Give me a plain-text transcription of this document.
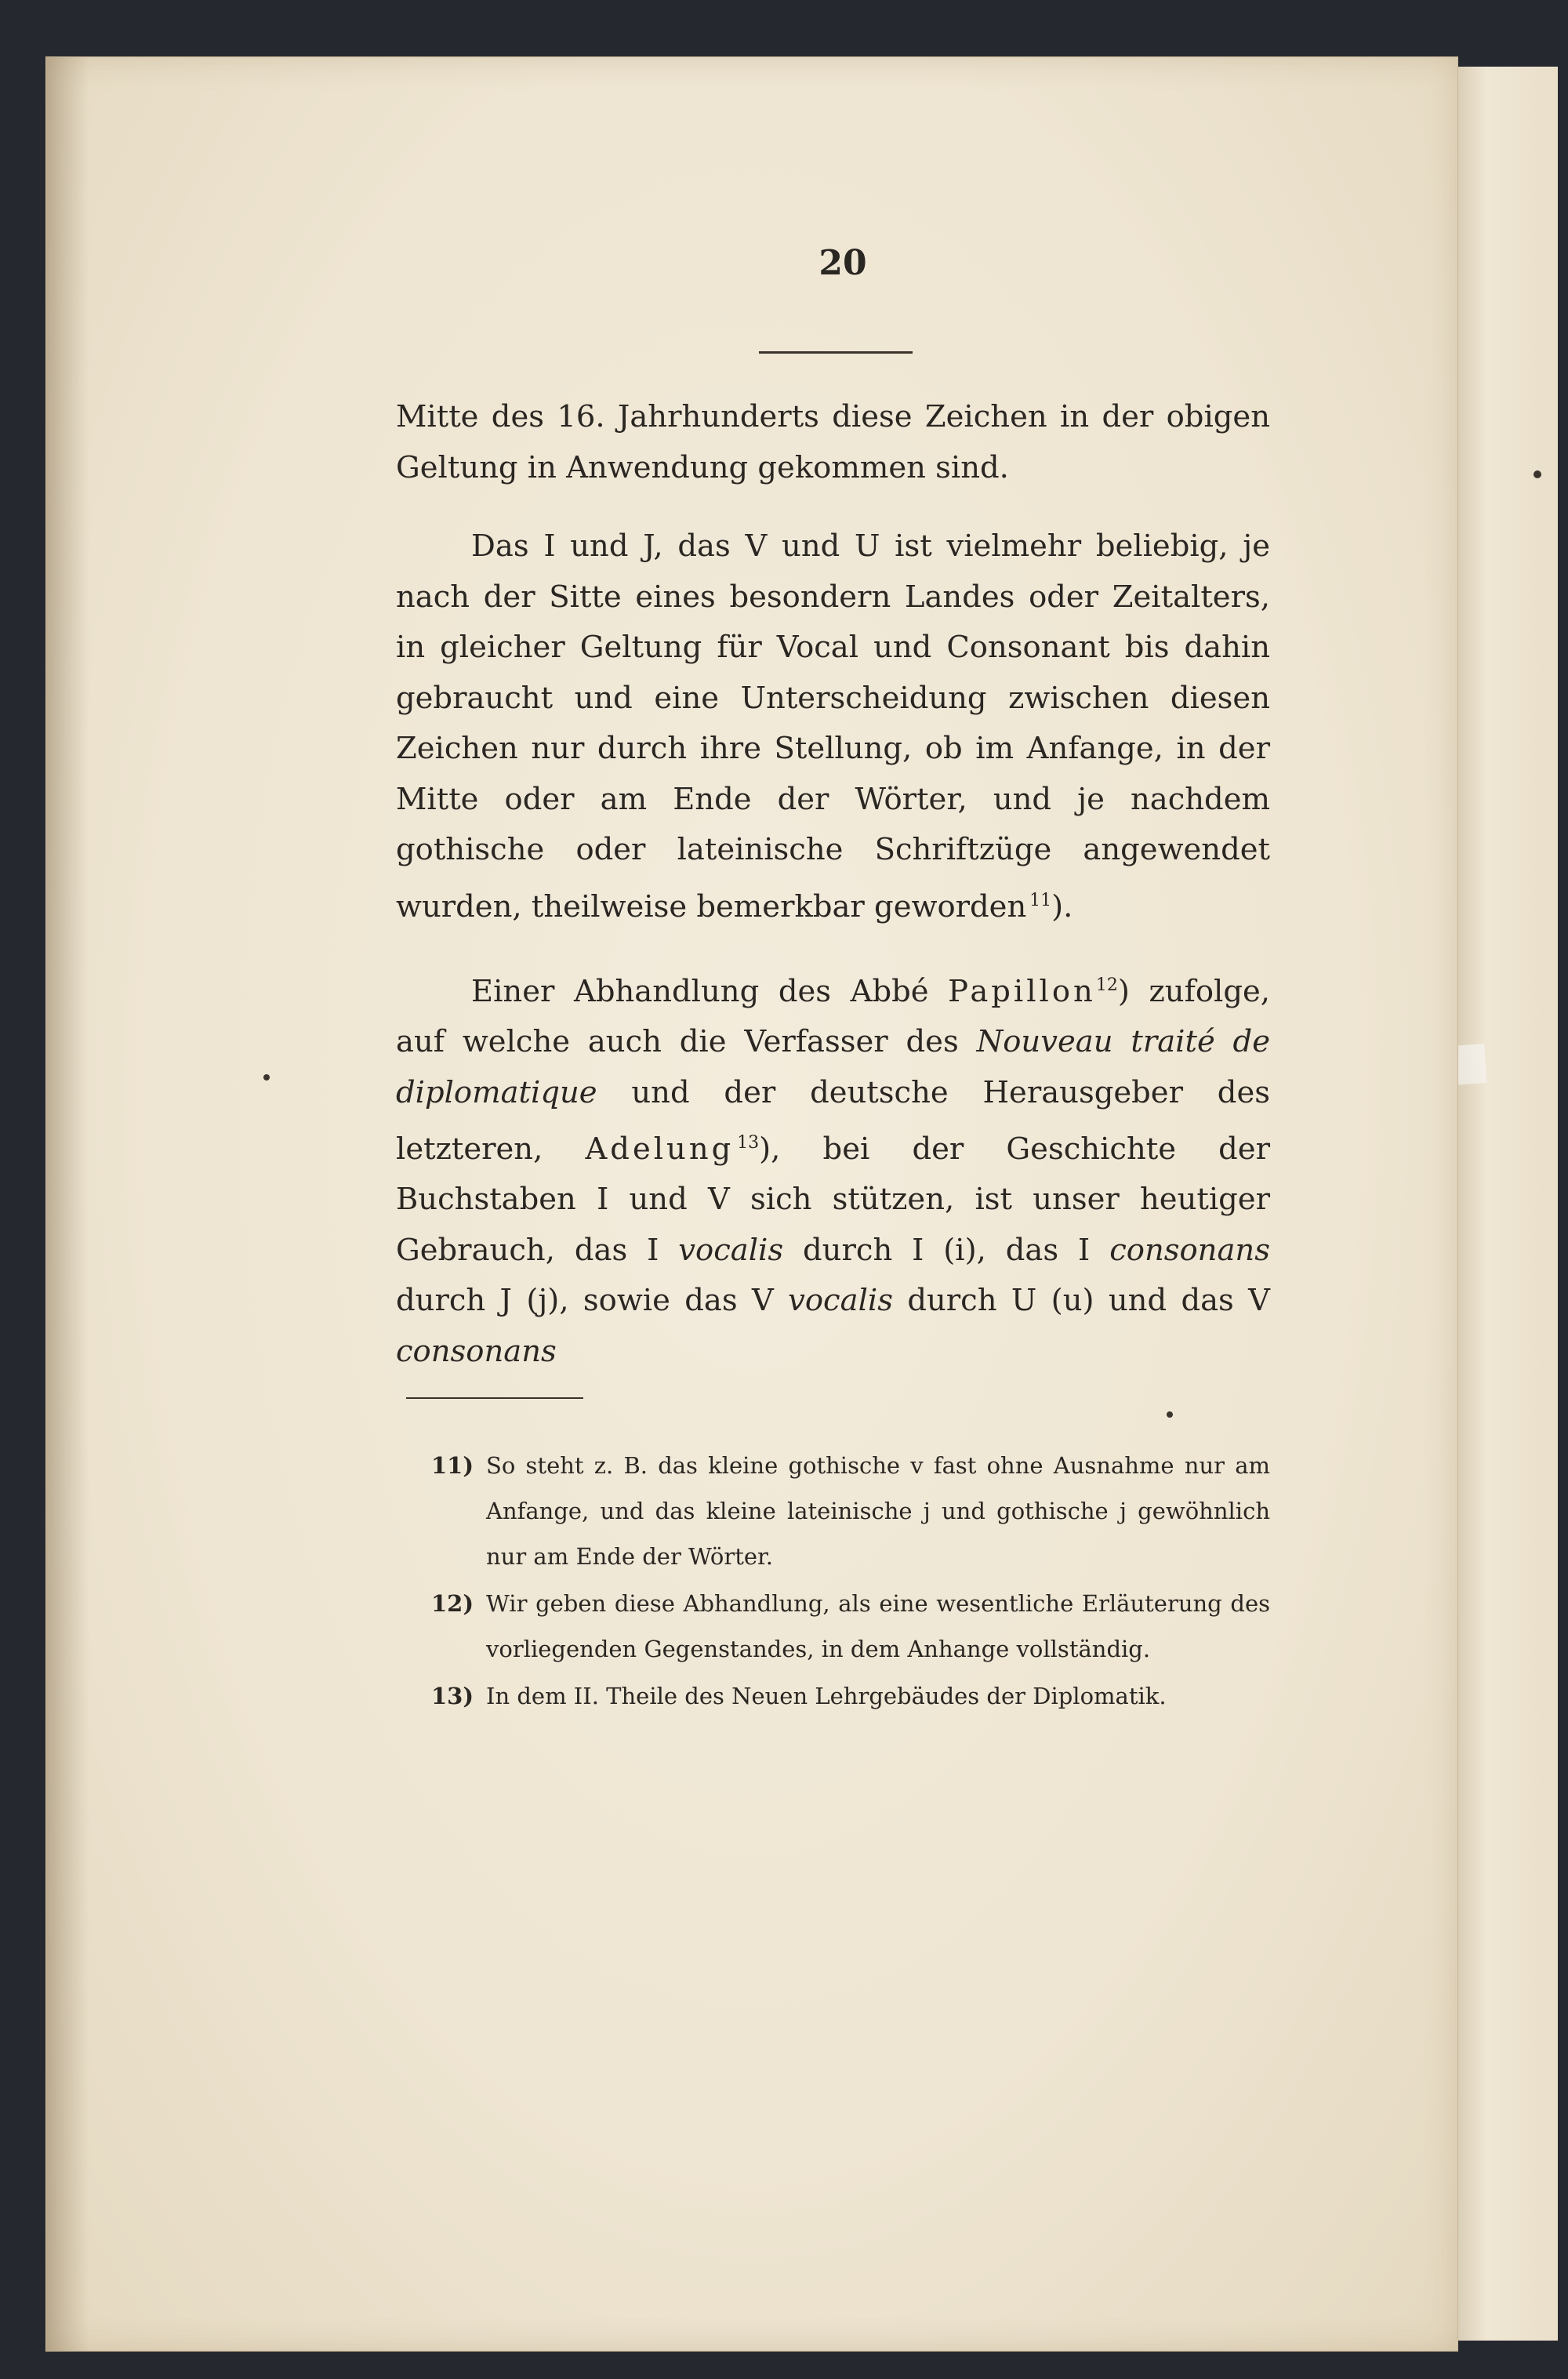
20

Mitte des 16. Jahrhunderts diese Zeichen in der obigen Geltung in Anwendung gekommen sind.

Das I und J, das V und U ist vielmehr beliebig, je nach der Sitte eines besondern Landes oder Zeitalters, in gleicher Geltung für Vocal und Consonant bis dahin gebraucht und eine Unterscheidung zwischen diesen Zeichen nur durch ihre Stellung, ob im Anfange, in der Mitte oder am Ende der Wörter, und je nachdem gothische oder lateinische Schriftzüge angewendet wurden, theilweise bemerkbar geworden  $^{11}$).

Einer Abhandlung des Abbé Papillon$^{12}$) zufolge, auf welche auch die Verfasser des Nouveau traité de diplomatique und der deutsche Herausgeber des letzteren, Adelung  $^{13}$), bei der Geschichte der Buchstaben I und V sich stützen, ist unser heutiger Gebrauch, das I vocalis durch I (i), das I consonans durch J (j), sowie das V vocalis durch U (u) und das V consonans

11) So steht z. B. das kleine gothische v fast ohne Ausnahme nur am Anfange, und das kleine lateinische j und gothische j gewöhnlich nur am Ende der Wörter.
12) Wir geben diese Abhandlung, als eine wesentliche Erläuterung des vorliegenden Gegenstandes, in dem Anhange vollständig.
13) In dem II. Theile des Neuen Lehrgebäudes der Diplomatik.
